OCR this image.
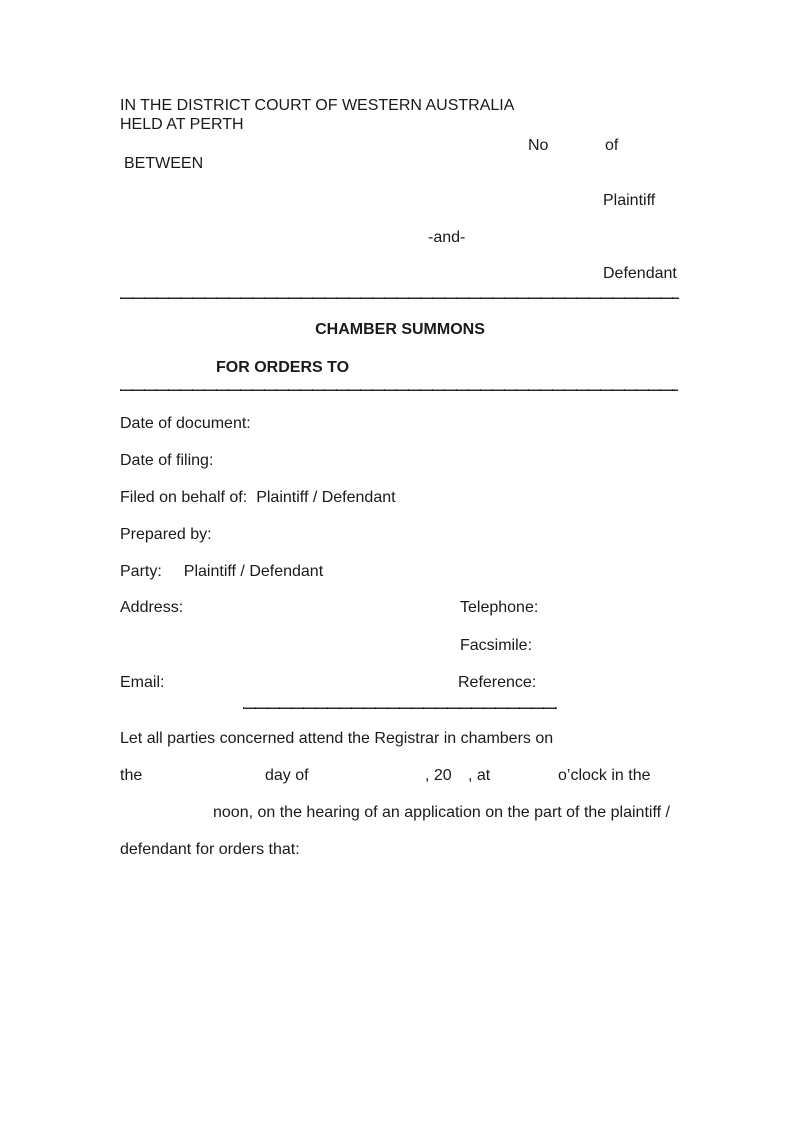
IN THE DISTRICT COURT OF WESTERN AUSTRALIA
HELD AT PERTH
No	of
BETWEEN
Plaintiff
-and-
Defendant
CHAMBER SUMMONS
FOR ORDERS TO
Date of document:
Date of filing:
Filed on behalf of: Plaintiff / Defendant
Prepared by:
Party: Plaintiff / Defendant
Address:	Telephone:
Facsimile:
Email:	Reference:
Let all parties concerned attend the Registrar in chambers on
the	day of	, 20 , at	o’clock in the
noon, on the hearing of an application on the part of the plaintiff /
defendant for orders that:
